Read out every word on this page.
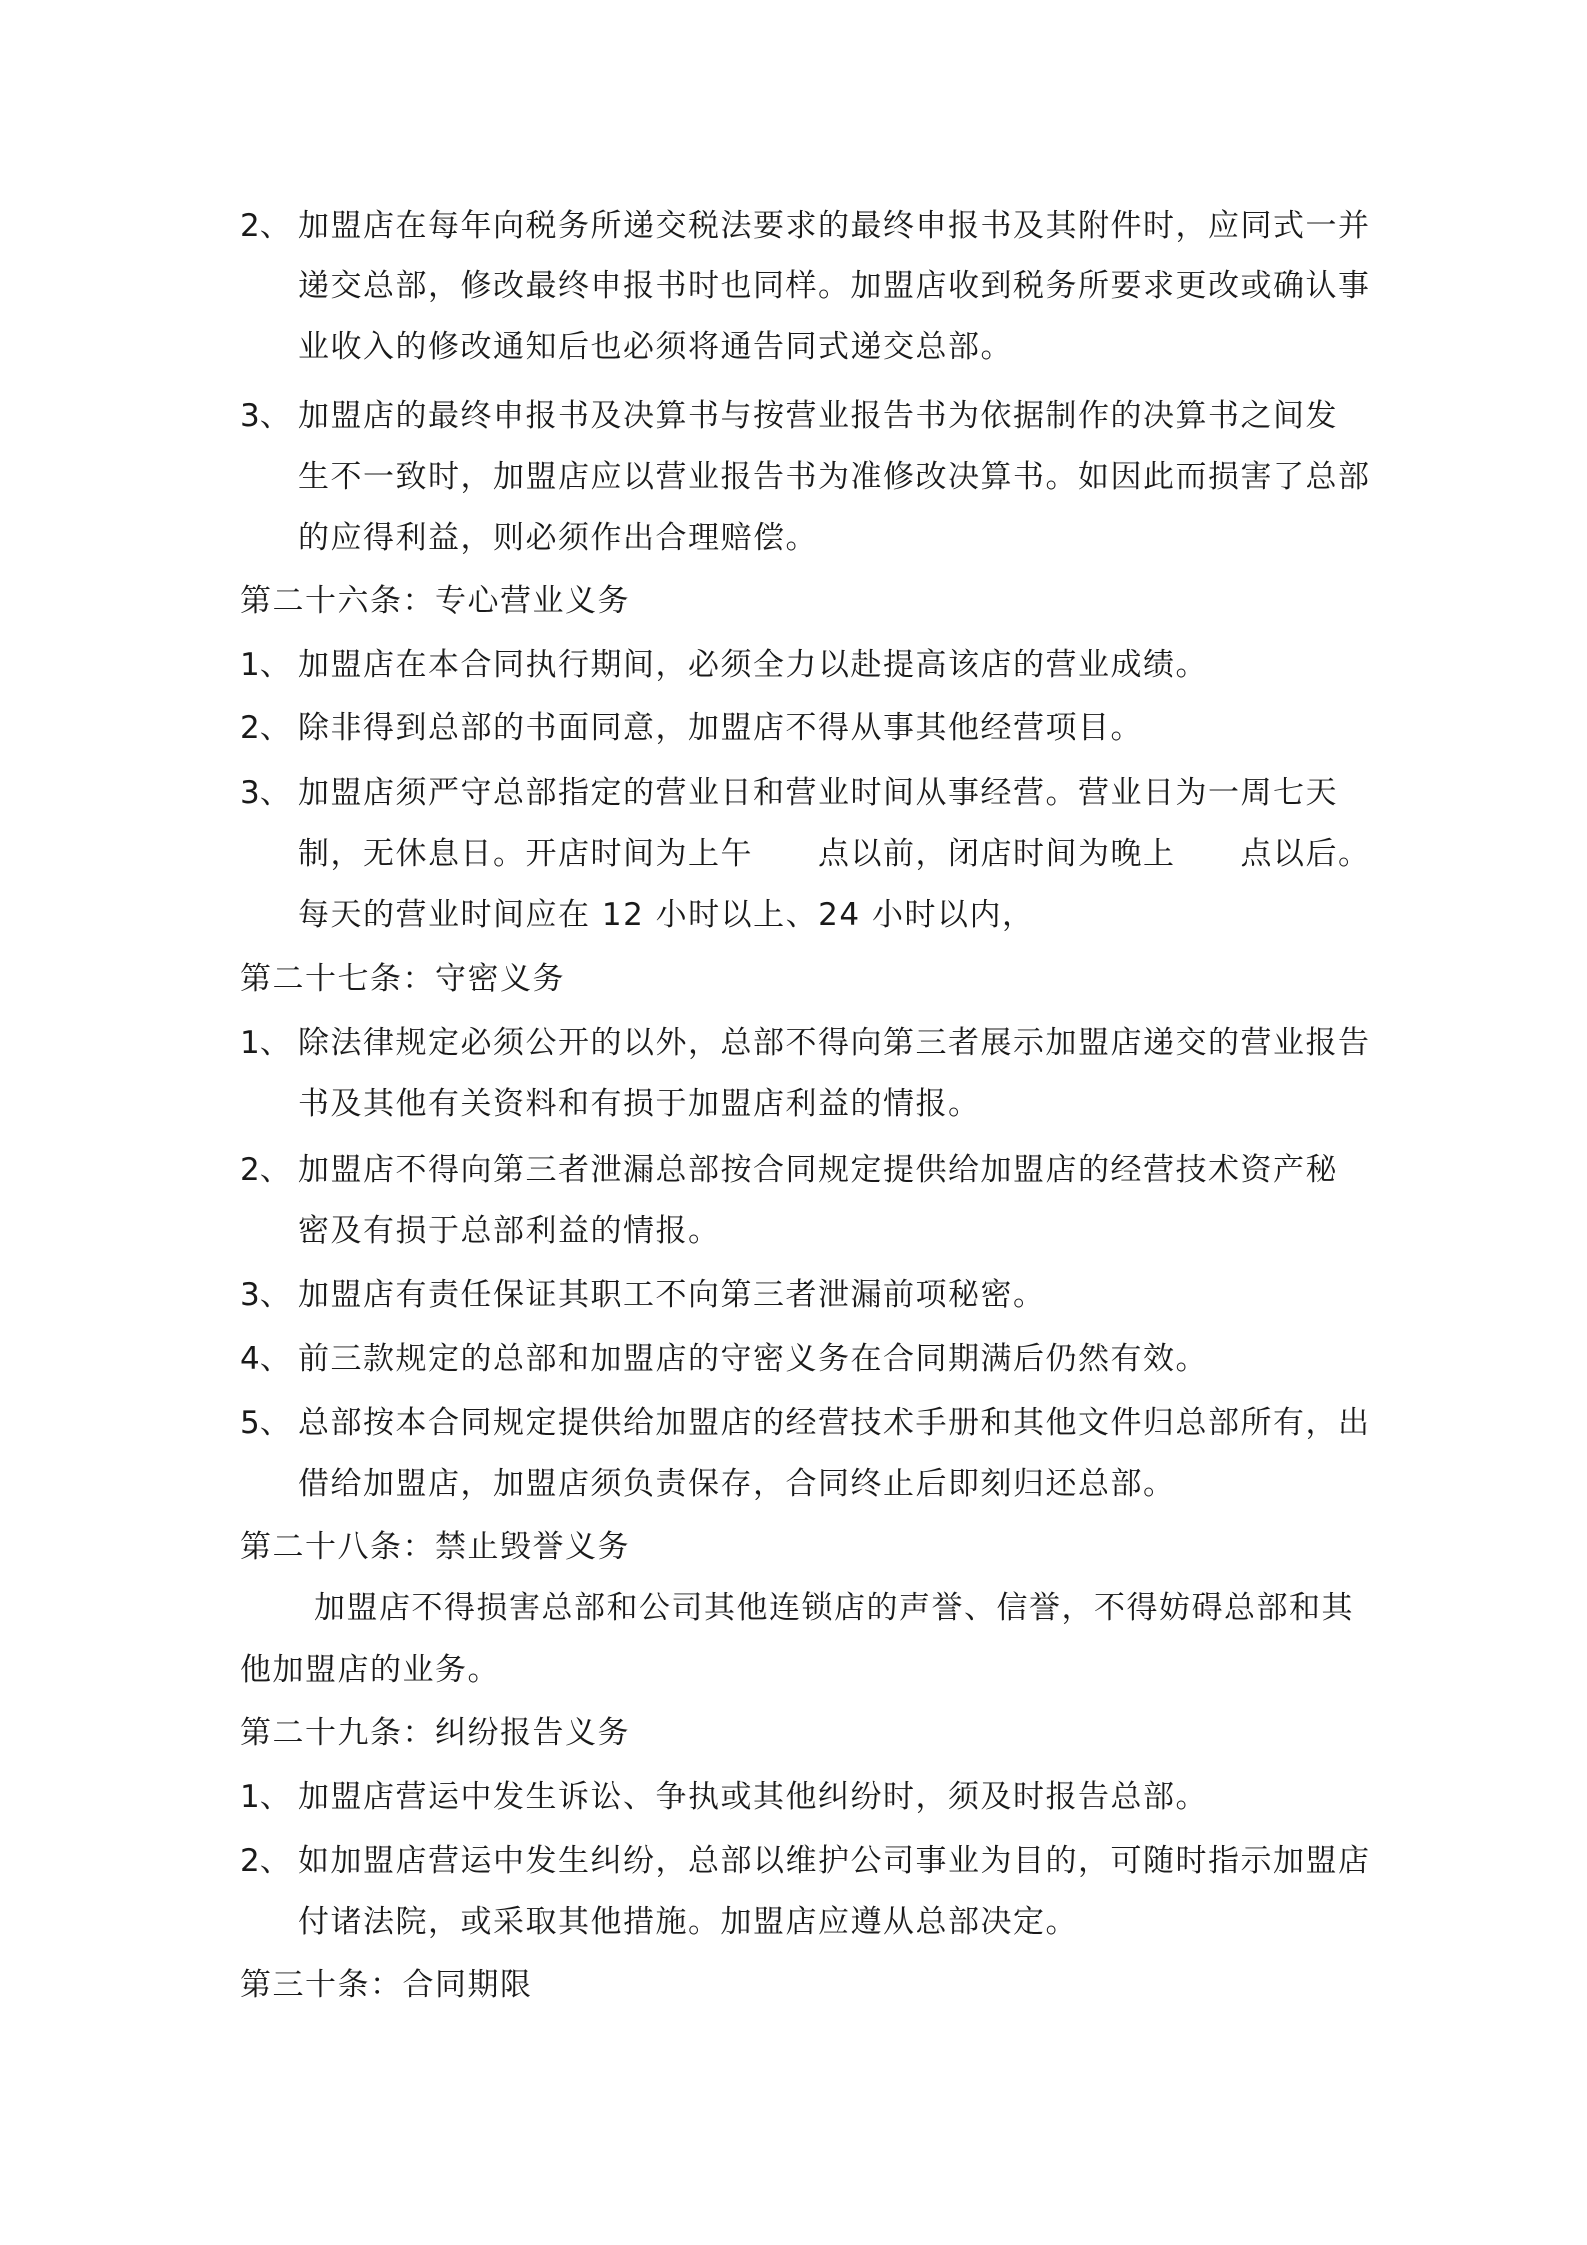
2、 加盟店在每年向税务所递交税法要求的最终申报书及其附件时，应同式一并
递交总部，修改最终申报书时也同样。加盟店收到税务所要求更改或确认事
业收入的修改通知后也必须将通告同式递交总部。
3、 加盟店的最终申报书及决算书与按营业报告书为依据制作的决算书之间发
生不一致时，加盟店应以营业报告书为准修改决算书。如因此而损害了总部
的应得利益，则必须作出合理赔偿。
第二十六条：专心营业义务
1、 加盟店在本合同执行期间，必须全力以赴提高该店的营业成绩。
2、 除非得到总部的书面同意，加盟店不得从事其他经营项目。
3、 加盟店须严守总部指定的营业日和营业时间从事经营。营业日为一周七天
制，无休息日。开店时间为上午　　点以前，闭店时间为晚上　　点以后。
每天的营业时间应在 12 小时以上、24 小时以内，
第二十七条：守密义务
1、 除法律规定必须公开的以外，总部不得向第三者展示加盟店递交的营业报告
书及其他有关资料和有损于加盟店利益的情报。
2、 加盟店不得向第三者泄漏总部按合同规定提供给加盟店的经营技术资产秘
密及有损于总部利益的情报。
3、 加盟店有责任保证其职工不向第三者泄漏前项秘密。
4、 前三款规定的总部和加盟店的守密义务在合同期满后仍然有效。
5、 总部按本合同规定提供给加盟店的经营技术手册和其他文件归总部所有，出
借给加盟店，加盟店须负责保存，合同终止后即刻归还总部。
第二十八条：禁止毁誉义务
加盟店不得损害总部和公司其他连锁店的声誉、信誉，不得妨碍总部和其
他加盟店的业务。
第二十九条：纠纷报告义务
1、 加盟店营运中发生诉讼、争执或其他纠纷时，须及时报告总部。
2、 如加盟店营运中发生纠纷，总部以维护公司事业为目的，可随时指示加盟店
付诸法院，或采取其他措施。加盟店应遵从总部决定。
第三十条：合同期限
